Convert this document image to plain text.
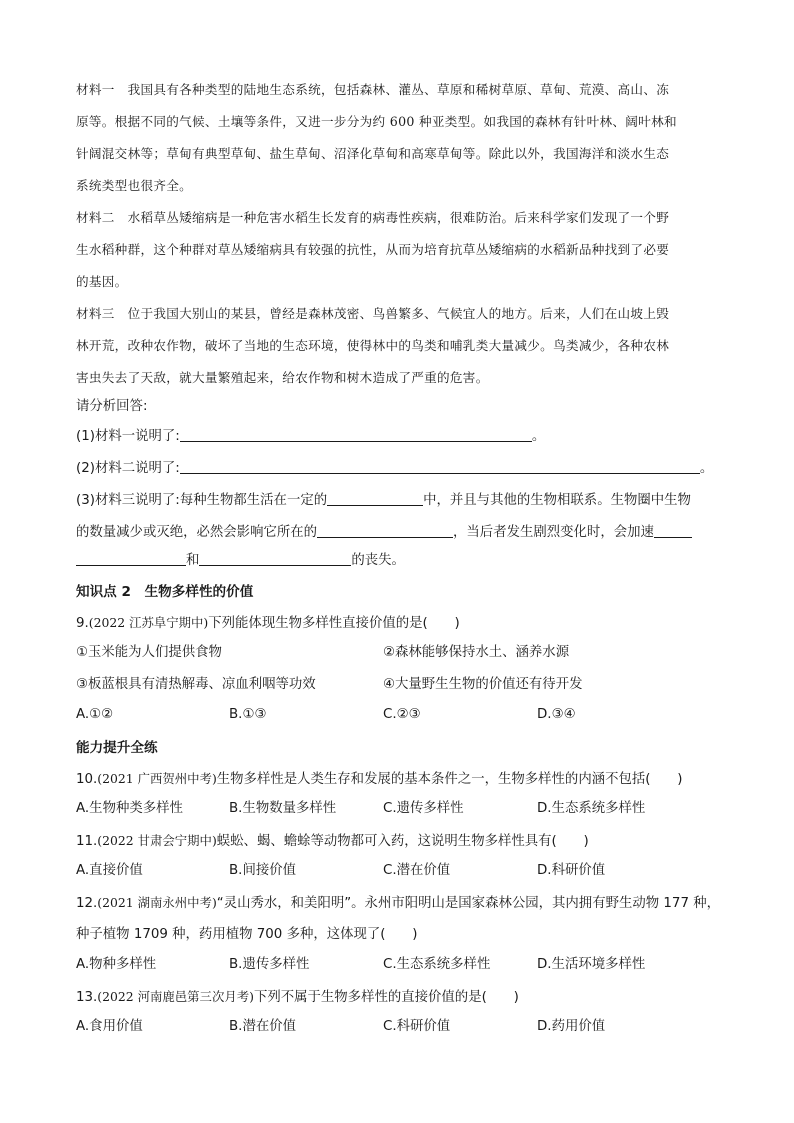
材料一　我国具有各种类型的陆地生态系统，包括森林、灌丛、草原和稀树草原、草甸、荒漠、高山、冻
原等。根据不同的气候、土壤等条件，又进一步分为约 600 种亚类型。如我国的森林有针叶林、阔叶林和
针阔混交林等；草甸有典型草甸、盐生草甸、沼泽化草甸和高寒草甸等。除此以外，我国海洋和淡水生态
系统类型也很齐全。
材料二　水稻草丛矮缩病是一种危害水稻生长发育的病毒性疾病，很难防治。后来科学家们发现了一个野
生水稻种群，这个种群对草丛矮缩病具有较强的抗性，从而为培育抗草丛矮缩病的水稻新品种找到了必要
的基因。
材料三　位于我国大别山的某县，曾经是森林茂密、鸟兽繁多、气候宜人的地方。后来，人们在山坡上毁
林开荒，改种农作物，破坏了当地的生态环境，使得林中的鸟类和哺乳类大量减少。鸟类减少，各种农林
害虫失去了天敌，就大量繁殖起来，给农作物和树木造成了严重的危害。
请分析回答:
(1)材料一说明了:	。
(2)材料二说明了:	。
(3)材料三说明了:每种生物都生活在一定的	中，并且与其他的生物相联系。生物圈中生物
的数量减少或灭绝，必然会影响它所在的	，当后者发生剧烈变化时，会加速
和	的丧失。
知识点 2　生物多样性的价值
9.(2022 江苏阜宁期中)下列能体现生物多样性直接价值的是(　　)
①玉米能为人们提供食物	②森林能够保持水土、涵养水源
③板蓝根具有清热解毒、凉血利咽等功效	④大量野生生物的价值还有待开发
A.①②	B.①③	C.②③	D.③④
能力提升全练
10.(2021 广西贺州中考)生物多样性是人类生存和发展的基本条件之一，生物多样性的内涵不包括(　　)
A.生物种类多样性	B.生物数量多样性	C.遗传多样性	D.生态系统多样性
11.(2022 甘肃会宁期中)蜈蚣、蝎、蟾蜍等动物都可入药，这说明生物多样性具有(　　)
A.直接价值	B.间接价值	C.潜在价值	D.科研价值
12.(2021 湖南永州中考)“灵山秀水，和美阳明”。永州市阳明山是国家森林公园，其内拥有野生动物 177 种，
种子植物 1709 种，药用植物 700 多种，这体现了(　　)
A.物种多样性	B.遗传多样性	C.生态系统多样性	D.生活环境多样性
13.(2022 河南鹿邑第三次月考)下列不属于生物多样性的直接价值的是(　　)
A.食用价值	B.潜在价值	C.科研价值	D.药用价值
